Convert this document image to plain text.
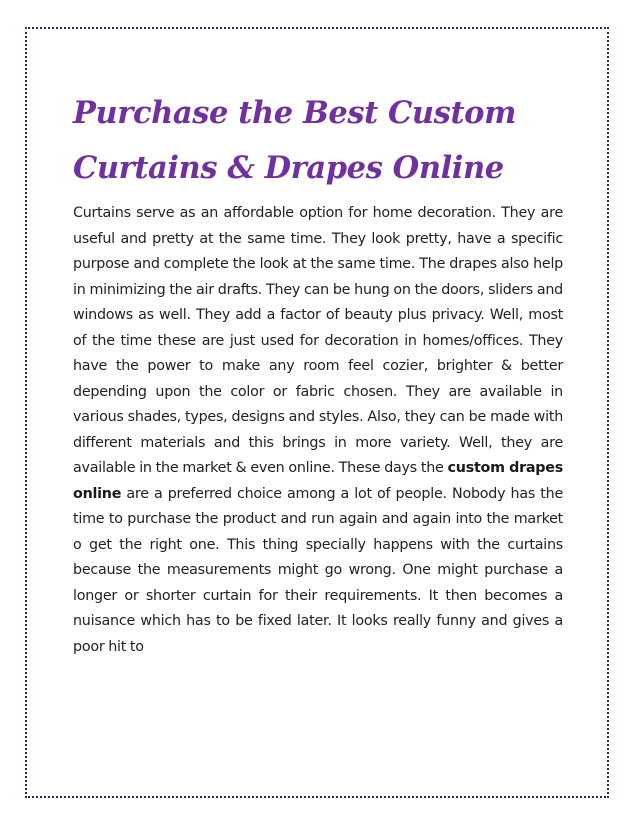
Purchase the Best Custom
Curtains & Drapes Online

Curtains serve as an affordable option for home decoration. They are useful and pretty at the same time. They look pretty, have a specific purpose and complete the look at the same time. The drapes also help in minimizing the air drafts. They can be hung on the doors, sliders and windows as well. They add a factor of beauty plus privacy. Well, most of the time these are just used for decoration in homes/offices. They have the power to make any room feel cozier, brighter & better depending upon the color or fabric chosen. They are available in various shades, types, designs and styles. Also, they can be made with different materials and this brings in more variety. Well, they are available in the market & even online. These days the custom drapes online are a preferred choice among a lot of people. Nobody has the time to purchase the product and run again and again into the market o get the right one. This thing specially happens with the curtains because the measurements might go wrong. One might purchase a longer or shorter curtain for their requirements. It then becomes a nuisance which has to be fixed later. It looks really funny and gives a poor hit to
